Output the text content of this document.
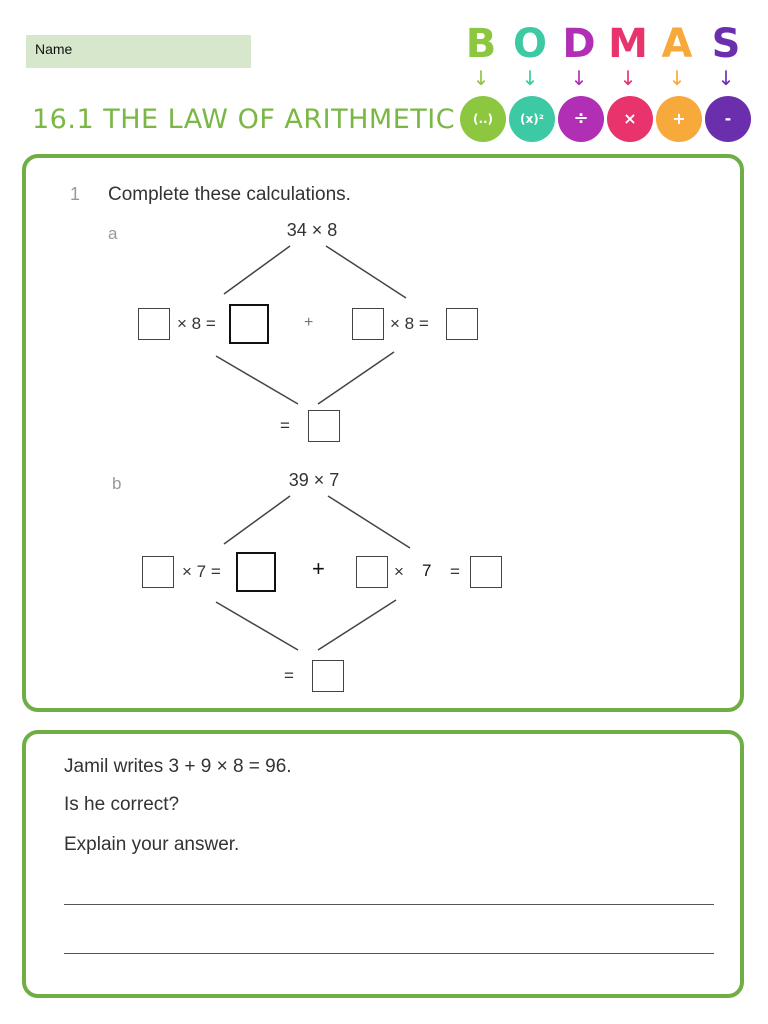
Name
16.1 THE LAW OF ARITHMETIC
B O D M A S
↓	↓	↓	↓	↓	↓
(..)	(x)²	÷	×	+	-
1 Complete these calculations.
a	34 × 8
× 8 =	+	× 8 =
=
b	39 × 7
× 7 =	+	× 7 =
=
Jamil writes 3 + 9 × 8 = 96.
Is he correct?
Explain your answer.
